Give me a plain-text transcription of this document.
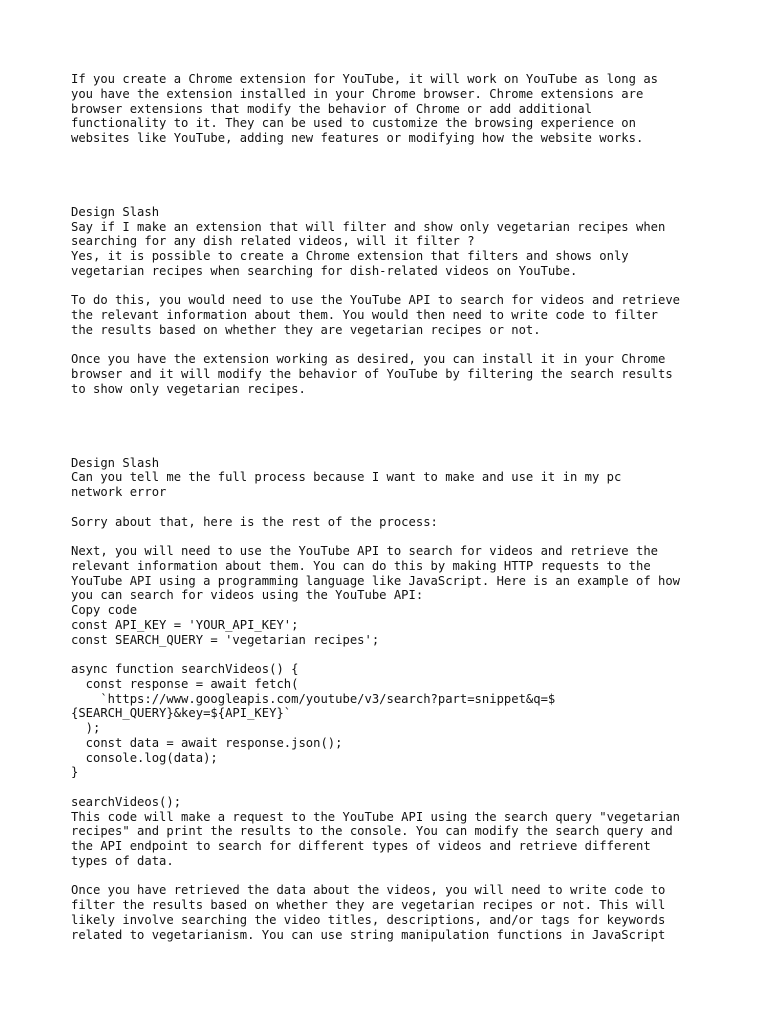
If you create a Chrome extension for YouTube, it will work on YouTube as long as
you have the extension installed in your Chrome browser. Chrome extensions are
browser extensions that modify the behavior of Chrome or add additional
functionality to it. They can be used to customize the browsing experience on
websites like YouTube, adding new features or modifying how the website works.
Design Slash
Say if I make an extension that will filter and show only vegetarian recipes when
searching for any dish related videos, will it filter ?
Yes, it is possible to create a Chrome extension that filters and shows only
vegetarian recipes when searching for dish-related videos on YouTube.
To do this, you would need to use the YouTube API to search for videos and retrieve
the relevant information about them. You would then need to write code to filter
the results based on whether they are vegetarian recipes or not.
Once you have the extension working as desired, you can install it in your Chrome
browser and it will modify the behavior of YouTube by filtering the search results
to show only vegetarian recipes.
Design Slash
Can you tell me the full process because I want to make and use it in my pc
network error
Sorry about that, here is the rest of the process:
Next, you will need to use the YouTube API to search for videos and retrieve the
relevant information about them. You can do this by making HTTP requests to the
YouTube API using a programming language like JavaScript. Here is an example of how
you can search for videos using the YouTube API:
Copy code
const API_KEY = 'YOUR_API_KEY';
const SEARCH_QUERY = 'vegetarian recipes';
async function searchVideos() {
const response = await fetch(
`https://www.googleapis.com/youtube/v3/search?part=snippet&q=$
{SEARCH_QUERY}&key=${API_KEY}`
);
const data = await response.json();
console.log(data);
}
searchVideos();
This code will make a request to the YouTube API using the search query "vegetarian
recipes" and print the results to the console. You can modify the search query and
the API endpoint to search for different types of videos and retrieve different
types of data.
Once you have retrieved the data about the videos, you will need to write code to
filter the results based on whether they are vegetarian recipes or not. This will
likely involve searching the video titles, descriptions, and/or tags for keywords
related to vegetarianism. You can use string manipulation functions in JavaScript
